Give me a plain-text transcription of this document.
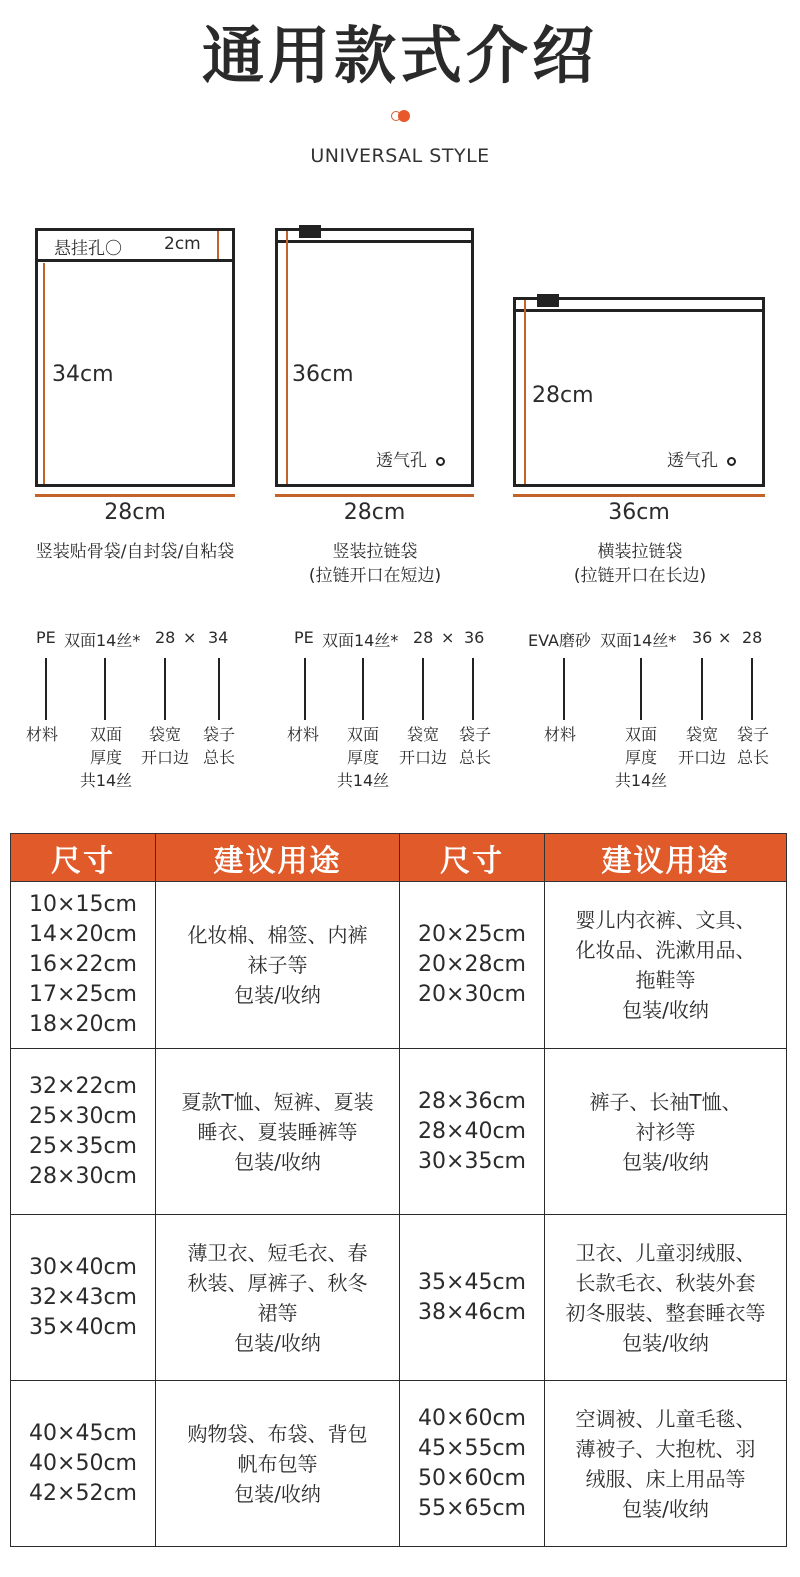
通用款式介绍
UNIVERSAL STYLE
悬挂孔〇 2cm
34cm
28cm
竖装贴骨袋/自封袋/自粘袋
36cm
透气孔
28cm
竖装拉链袋
(拉链开口在短边)
28cm
透气孔
36cm
横装拉链袋
(拉链开口在长边)
PE 双面14丝* 28 × 34
材料	双面
厚度
共14丝
袋宽
开口边
袋子
总长
PE 双面14丝* 28 × 36
材料	双面
厚度
共14丝
袋宽
开口边
袋子
总长
EVA磨砂 双面14丝* 36 × 28
材料	双面
厚度
共14丝
袋宽
开口边
袋子
总长
尺寸	建议用途	尺寸	建议用途

10×15cm
14×20cm
16×22cm
17×25cm
18×20cm	化妆棉、棉签、内裤
袜子等
包装/收纳	20×25cm
20×28cm
20×30cm	婴儿内衣裤、文具、
化妆品、洗漱用品、
拖鞋等
包装/收纳

32×22cm
25×30cm
25×35cm
28×30cm	夏款T恤、短裤、夏装
睡衣、夏装睡裤等
包装/收纳	28×36cm
28×40cm
30×35cm	裤子、长袖T恤、
衬衫等
包装/收纳

30×40cm
32×43cm
35×40cm	薄卫衣、短毛衣、春
秋装、厚裤子、秋冬
裙等
包装/收纳	35×45cm
38×46cm	卫衣、儿童羽绒服、
长款毛衣、秋装外套
初冬服装、整套睡衣等
包装/收纳

40×45cm
40×50cm
42×52cm	购物袋、布袋、背包
帆布包等
包装/收纳	40×60cm
45×55cm
50×60cm
55×65cm	空调被、儿童毛毯、
薄被子、大抱枕、羽
绒服、床上用品等
包装/收纳
